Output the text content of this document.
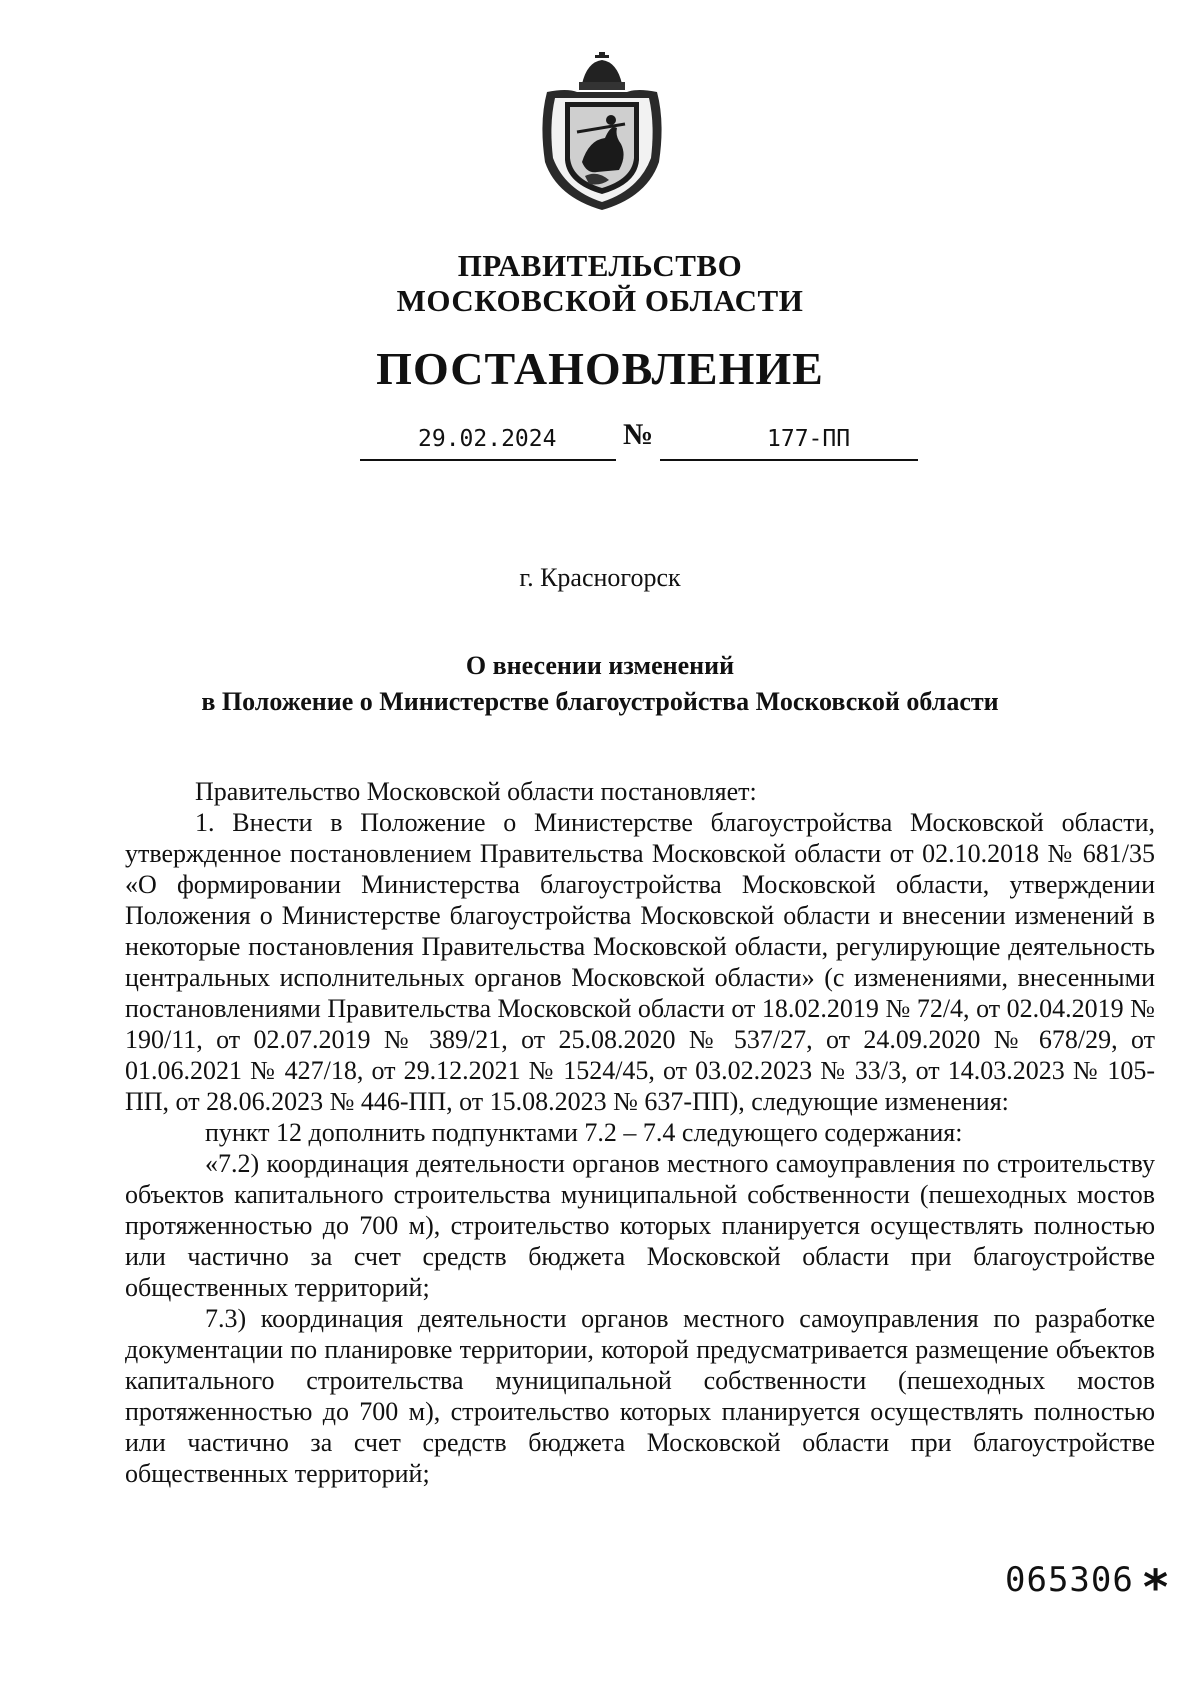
ПРАВИТЕЛЬСТВО
МОСКОВСКОЙ ОБЛАСТИ
ПОСТАНОВЛЕНИЕ
29.02.2024 №	177-ПП
г. Красногорск
О внесении изменений
в Положение о Министерстве благоустройства Московской области

Правительство Московской области постановляет:

1. Внести в Положение о Министерстве благоустройства Московской области, утвержденное постановлением Правительства Московской области от 02.10.2018 № 681/35 «О формировании Министерства благоустройства Московской области, утверждении Положения о Министерстве благоустройства Московской области и внесении изменений в некоторые постановления Правительства Московской области, регулирующие деятельность центральных исполнительных органов Московской области» (с изменениями, внесенными постановлениями Правительства Московской области от 18.02.2019 № 72/4, от 02.04.2019 № 190/11, от 02.07.2019 № 389/21, от 25.08.2020 № 537/27, от 24.09.2020 № 678/29, от 01.06.2021 № 427/18, от 29.12.2021 № 1524/45, от 03.02.2023 № 33/3, от 14.03.2023 № 105-ПП, от 28.06.2023 № 446-ПП, от 15.08.2023 № 637-ПП), следующие изменения:

пункт 12 дополнить подпунктами 7.2 – 7.4 следующего содержания:

«7.2) координация деятельности органов местного самоуправления по строительству объектов капитального строительства муниципальной собственности (пешеходных мостов протяженностью до 700 м), строительство которых планируется осуществлять полностью или частично за счет средств бюджета Московской области при благоустройстве общественных территорий;

7.3) координация деятельности органов местного самоуправления по разработке документации по планировке территории, которой предусматривается размещение объектов капитального строительства муниципальной собственности (пешеходных мостов протяженностью до 700 м), строительство которых планируется осуществлять полностью или частично за счет средств бюджета Московской области при благоустройстве общественных территорий;

065306 *
